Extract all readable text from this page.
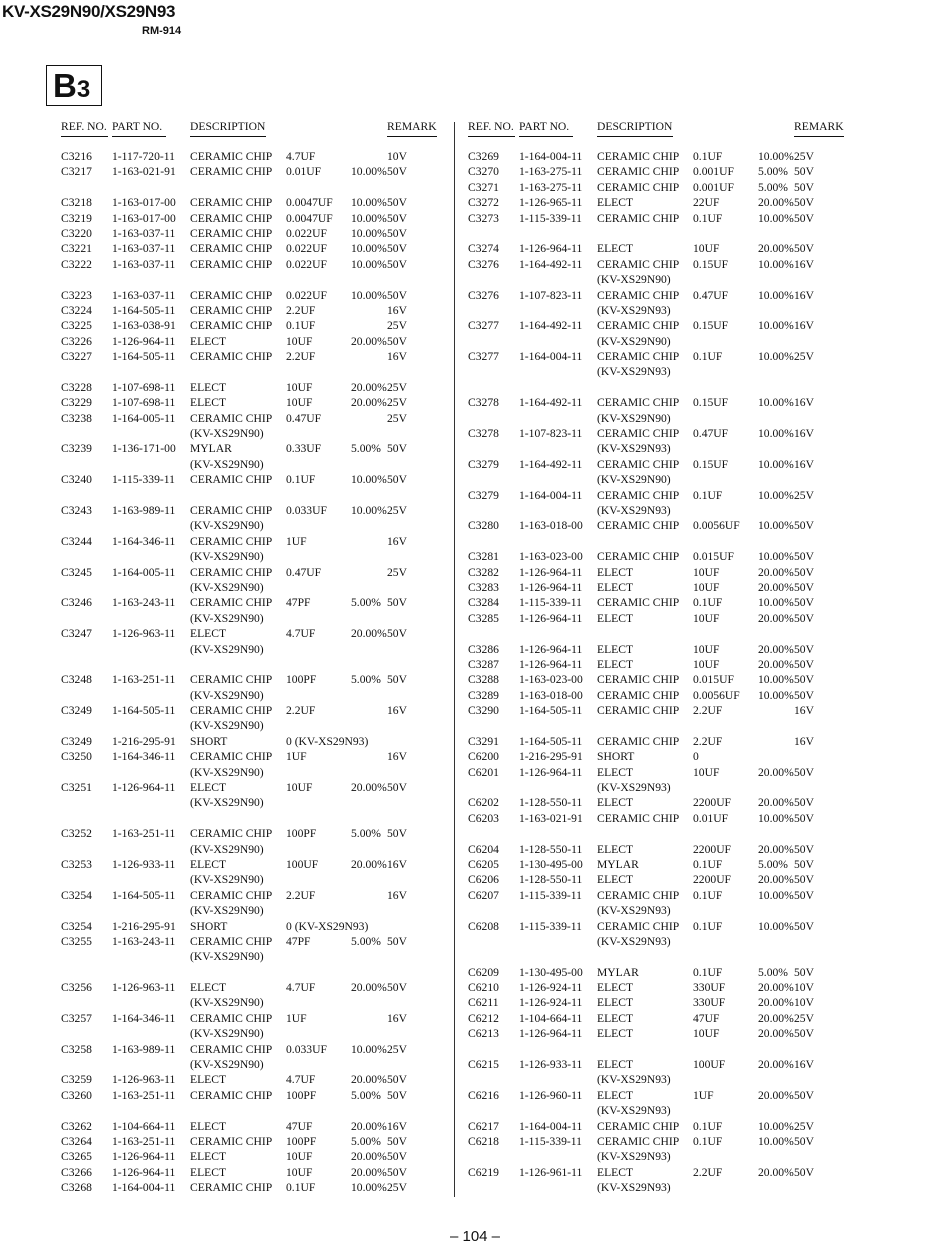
KV-XS29N90/XS29N93
RM-914
B3
REF. NO. PART NO. DESCRIPTION	REMARK
C3216 1-117-720-11 CERAMIC CHIP 4.7UF	10V
C3217 1-163-021-91 CERAMIC CHIP 0.01UF	10.00% 50V
C3218 1-163-017-00 CERAMIC CHIP 0.0047UF 10.00% 50V
C3219 1-163-017-00 CERAMIC CHIP 0.0047UF 10.00% 50V
C3220 1-163-037-11 CERAMIC CHIP 0.022UF 10.00% 50V
C3221 1-163-037-11 CERAMIC CHIP 0.022UF 10.00% 50V
C3222 1-163-037-11 CERAMIC CHIP 0.022UF 10.00% 50V
C3223 1-163-037-11 CERAMIC CHIP 0.022UF 10.00% 50V
C3224 1-164-505-11 CERAMIC CHIP 2.2UF	16V
C3225 1-163-038-91 CERAMIC CHIP 0.1UF	25V
C3226 1-126-964-11 ELECT	10UF	20.00% 50V
C3227 1-164-505-11 CERAMIC CHIP 2.2UF	16V
C3228 1-107-698-11 ELECT	10UF	20.00% 25V
C3229 1-107-698-11 ELECT	10UF	20.00% 25V
C3238 1-164-005-11 CERAMIC CHIP 0.47UF	25V
(KV-XS29N90)
C3239 1-136-171-00 MYLAR	0.33UF	5.00% 50V
(KV-XS29N90)
C3240 1-115-339-11 CERAMIC CHIP 0.1UF	10.00% 50V
C3243 1-163-989-11 CERAMIC CHIP 0.033UF 10.00% 25V
(KV-XS29N90)
C3244 1-164-346-11 CERAMIC CHIP 1UF	16V
(KV-XS29N90)
C3245 1-164-005-11 CERAMIC CHIP 0.47UF	25V
(KV-XS29N90)
C3246 1-163-243-11 CERAMIC CHIP 47PF	5.00% 50V
(KV-XS29N90)
C3247 1-126-963-11 ELECT	4.7UF	20.00% 50V
(KV-XS29N90)
C3248 1-163-251-11 CERAMIC CHIP 100PF	5.00% 50V
(KV-XS29N90)
C3249 1-164-505-11 CERAMIC CHIP 2.2UF	16V
(KV-XS29N90)
C3249 1-216-295-91 SHORT	0 (KV-XS29N93)
C3250 1-164-346-11 CERAMIC CHIP 1UF	16V
(KV-XS29N90)
C3251 1-126-964-11 ELECT	10UF	20.00% 50V
(KV-XS29N90)
C3252 1-163-251-11 CERAMIC CHIP 100PF	5.00% 50V
(KV-XS29N90)
C3253 1-126-933-11 ELECT	100UF	20.00% 16V
(KV-XS29N90)
C3254 1-164-505-11 CERAMIC CHIP 2.2UF	16V
(KV-XS29N90)
C3254 1-216-295-91 SHORT	0 (KV-XS29N93)
C3255 1-163-243-11 CERAMIC CHIP 47PF	5.00% 50V
(KV-XS29N90)
C3256 1-126-963-11 ELECT	4.7UF	20.00% 50V
(KV-XS29N90)
C3257 1-164-346-11 CERAMIC CHIP 1UF	16V
(KV-XS29N90)
C3258 1-163-989-11 CERAMIC CHIP 0.033UF 10.00% 25V
(KV-XS29N90)
C3259 1-126-963-11 ELECT	4.7UF	20.00% 50V
C3260 1-163-251-11 CERAMIC CHIP 100PF	5.00% 50V
C3262 1-104-664-11 ELECT	47UF	20.00% 16V
C3264 1-163-251-11 CERAMIC CHIP 100PF	5.00% 50V
C3265 1-126-964-11 ELECT	10UF	20.00% 50V
C3266 1-126-964-11 ELECT	10UF	20.00% 50V
C3268 1-164-004-11 CERAMIC CHIP 0.1UF	10.00% 25V
REF. NO. PART NO. DESCRIPTION	REMARK
C3269 1-164-004-11 CERAMIC CHIP 0.1UF	10.00% 25V
C3270 1-163-275-11 CERAMIC CHIP 0.001UF 5.00% 50V
C3271 1-163-275-11 CERAMIC CHIP 0.001UF 5.00% 50V
C3272 1-126-965-11 ELECT	22UF	20.00% 50V
C3273 1-115-339-11 CERAMIC CHIP 0.1UF	10.00% 50V
C3274 1-126-964-11 ELECT	10UF	20.00% 50V
C3276 1-164-492-11 CERAMIC CHIP 0.15UF	10.00% 16V
(KV-XS29N90)
C3276 1-107-823-11 CERAMIC CHIP 0.47UF	10.00% 16V
(KV-XS29N93)
C3277 1-164-492-11 CERAMIC CHIP 0.15UF	10.00% 16V
(KV-XS29N90)
C3277 1-164-004-11 CERAMIC CHIP 0.1UF	10.00% 25V
(KV-XS29N93)
C3278 1-164-492-11 CERAMIC CHIP 0.15UF	10.00% 16V
(KV-XS29N90)
C3278 1-107-823-11 CERAMIC CHIP 0.47UF	10.00% 16V
(KV-XS29N93)
C3279 1-164-492-11 CERAMIC CHIP 0.15UF	10.00% 16V
(KV-XS29N90)
C3279 1-164-004-11 CERAMIC CHIP 0.1UF	10.00% 25V
(KV-XS29N93)
C3280 1-163-018-00 CERAMIC CHIP 0.0056UF 10.00% 50V
C3281 1-163-023-00 CERAMIC CHIP 0.015UF 10.00% 50V
C3282 1-126-964-11 ELECT	10UF	20.00% 50V
C3283 1-126-964-11 ELECT	10UF	20.00% 50V
C3284 1-115-339-11 CERAMIC CHIP 0.1UF	10.00% 50V
C3285 1-126-964-11 ELECT	10UF	20.00% 50V
C3286 1-126-964-11 ELECT	10UF	20.00% 50V
C3287 1-126-964-11 ELECT	10UF	20.00% 50V
C3288 1-163-023-00 CERAMIC CHIP 0.015UF 10.00% 50V
C3289 1-163-018-00 CERAMIC CHIP 0.0056UF 10.00% 50V
C3290 1-164-505-11 CERAMIC CHIP 2.2UF	16V
C3291 1-164-505-11 CERAMIC CHIP 2.2UF	16V
C6200 1-216-295-91 SHORT	0
C6201 1-126-964-11 ELECT	10UF	20.00% 50V
(KV-XS29N93)
C6202 1-128-550-11 ELECT	2200UF 20.00% 50V
C6203 1-163-021-91 CERAMIC CHIP 0.01UF	10.00% 50V
C6204 1-128-550-11 ELECT	2200UF 20.00% 50V
C6205 1-130-495-00 MYLAR	0.1UF	5.00% 50V
C6206 1-128-550-11 ELECT	2200UF 20.00% 50V
C6207 1-115-339-11 CERAMIC CHIP 0.1UF	10.00% 50V
(KV-XS29N93)
C6208 1-115-339-11 CERAMIC CHIP 0.1UF	10.00% 50V
(KV-XS29N93)
C6209 1-130-495-00 MYLAR	0.1UF	5.00% 50V
C6210 1-126-924-11 ELECT	330UF	20.00% 10V
C6211 1-126-924-11 ELECT	330UF	20.00% 10V
C6212 1-104-664-11 ELECT	47UF	20.00% 25V
C6213 1-126-964-11 ELECT	10UF	20.00% 50V
C6215 1-126-933-11 ELECT	100UF	20.00% 16V
(KV-XS29N93)
C6216 1-126-960-11 ELECT	1UF	20.00% 50V
(KV-XS29N93)
C6217 1-164-004-11 CERAMIC CHIP 0.1UF	10.00% 25V
C6218 1-115-339-11 CERAMIC CHIP 0.1UF	10.00% 50V
(KV-XS29N93)
C6219 1-126-961-11 ELECT	2.2UF	20.00% 50V
(KV-XS29N93)
– 104 –
